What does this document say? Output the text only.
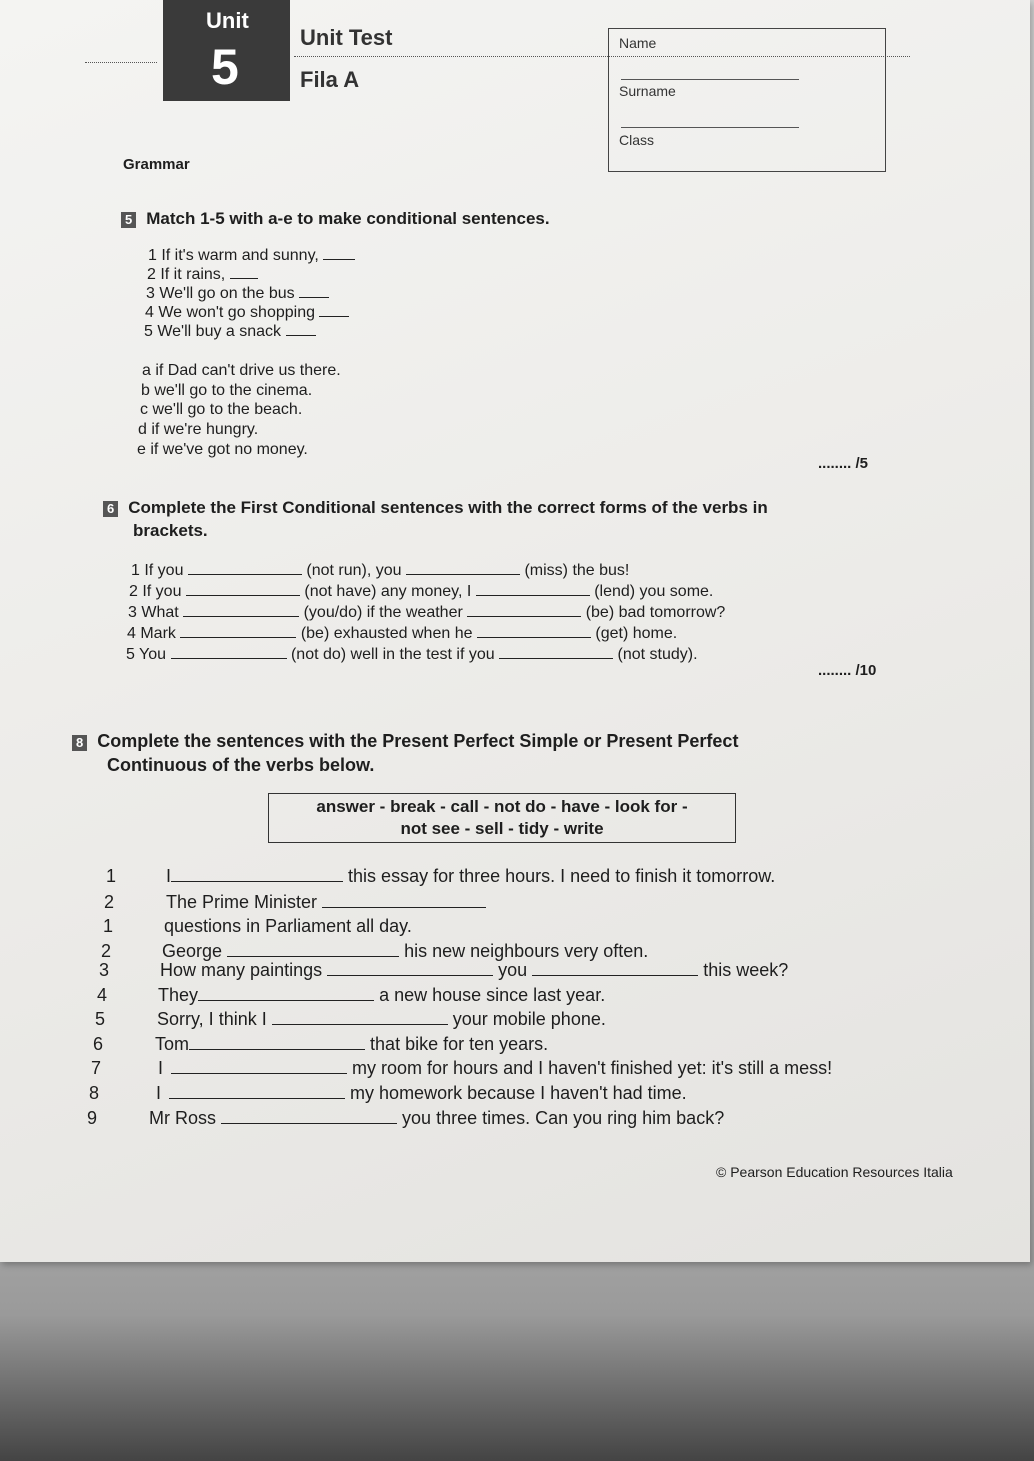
Unit
5
Unit Test
Fila A
Name
Surname
Class
Grammar
5 Match 1-5 with a-e to make conditional sentences.
1 If it's warm and sunny,
2 If it rains,
3 We'll go on the bus
4 We won't go shopping
5 We'll buy a snack
a if Dad can't drive us there.
b we'll go to the cinema.
c we'll go to the beach.
d if we're hungry.
e if we've got no money.
........ /5
6 Complete the First Conditional sentences with the correct forms of the verbs in
brackets.
1 If you	(not run), you	(miss) the bus!
2 If you	(not have) any money, I	(lend) you some.
3 What	(you/do) if the weather	(be) bad tomorrow?
4 Mark	(be) exhausted when he	(get) home.
5 You	(not do) well in the test if you	(not study).
........ /10
8 Complete the sentences with the Present Perfect Simple or Present Perfect
Continuous of the verbs below.
answer - break - call - not do - have - look for -
not see - sell - tidy - write
1	I	this essay for three hours. I need to finish it tomorrow.
2	The Prime Minister
1	questions in Parliament all day.
2	George	his new neighbours very often.
3	How many paintings	you	this week?
4	They	a new house since last year.
5	Sorry, I think I	your mobile phone.
6	Tom	that bike for ten years.
7	I	my room for hours and I haven't finished yet: it's still a mess!
8	I	my homework because I haven't had time.
9	Mr Ross	you three times. Can you ring him back?
© Pearson Education Resources Italia
